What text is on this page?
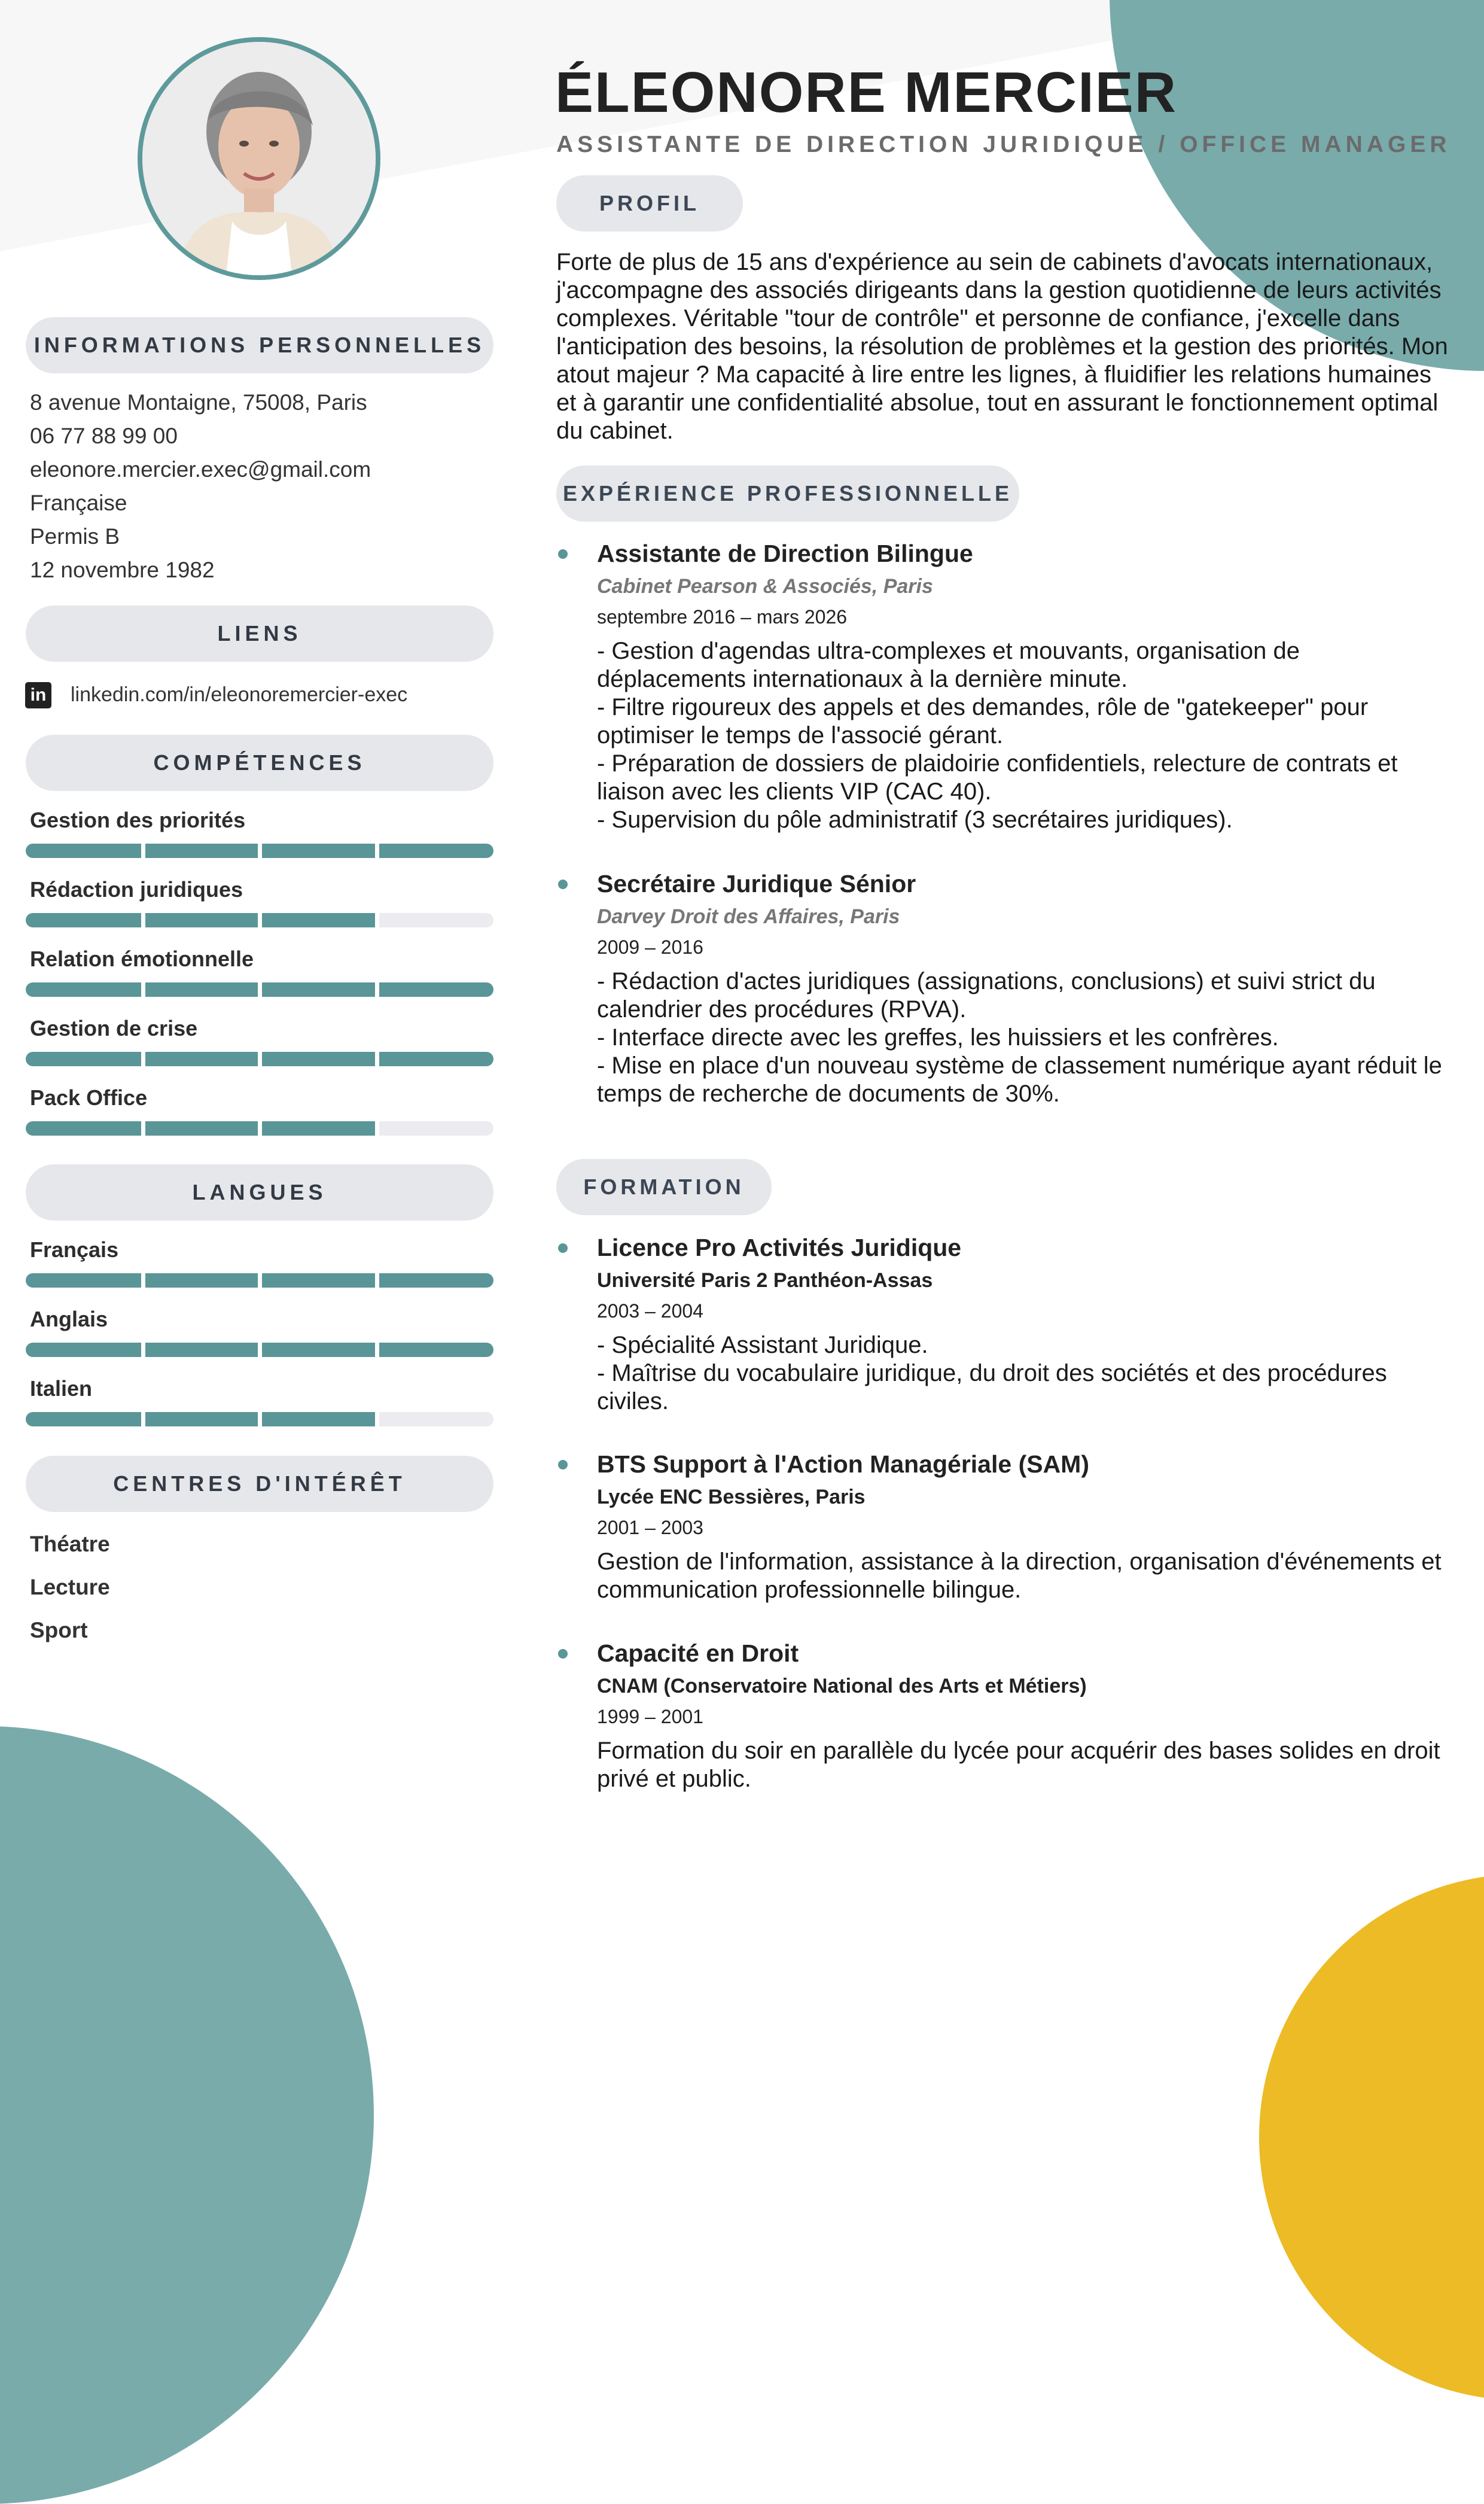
INFORMATIONS PERSONNELLES
8 avenue Montaigne, 75008, Paris
06 77 88 99 00
eleonore.mercier.exec@gmail.com
Française
Permis B
12 novembre 1982
LIENS
in linkedin.com/in/eleonoremercier-exec
COMPÉTENCES
Gestion des priorités
Rédaction juridiques
Relation émotionnelle
Gestion de crise
Pack Office
LANGUES
Français
Anglais
Italien
CENTRES D'INTÉRÊT
Théatre
Lecture
Sport
ÉLEONORE MERCIER
ASSISTANTE DE DIRECTION JURIDIQUE / OFFICE MANAGER
PROFIL
Forte de plus de 15 ans d'expérience au sein de cabinets d'avocats internationaux, j'accompagne des associés dirigeants dans la gestion quotidienne de leurs activités complexes. Véritable "tour de contrôle" et personne de confiance, j'excelle dans l'anticipation des besoins, la résolution de problèmes et la gestion des priorités. Mon atout majeur ? Ma capacité à lire entre les lignes, à fluidifier les relations humaines et à garantir une confidentialité absolue, tout en assurant le fonctionnement optimal du cabinet.
EXPÉRIENCE PROFESSIONNELLE
Assistante de Direction Bilingue
Cabinet Pearson & Associés, Paris
septembre 2016 – mars 2026
- Gestion d'agendas ultra-complexes et mouvants, organisation de déplacements internationaux à la dernière minute.
- Filtre rigoureux des appels et des demandes, rôle de "gatekeeper" pour optimiser le temps de l'associé gérant.
- Préparation de dossiers de plaidoirie confidentiels, relecture de contrats et liaison avec les clients VIP (CAC 40).
- Supervision du pôle administratif (3 secrétaires juridiques).
Secrétaire Juridique Sénior
Darvey Droit des Affaires, Paris
2009 – 2016
- Rédaction d'actes juridiques (assignations, conclusions) et suivi strict du calendrier des procédures (RPVA).
- Interface directe avec les greffes, les huissiers et les confrères.
- Mise en place d'un nouveau système de classement numérique ayant réduit le temps de recherche de documents de 30%.
FORMATION
Licence Pro Activités Juridique
Université Paris 2 Panthéon-Assas
2003 – 2004
- Spécialité Assistant Juridique.
- Maîtrise du vocabulaire juridique, du droit des sociétés et des procédures civiles.
BTS Support à l'Action Managériale (SAM)
Lycée ENC Bessières, Paris
2001 – 2003
Gestion de l'information, assistance à la direction, organisation d'événements et communication professionnelle bilingue.
Capacité en Droit
CNAM (Conservatoire National des Arts et Métiers)
1999 – 2001
Formation du soir en parallèle du lycée pour acquérir des bases solides en droit privé et public.
